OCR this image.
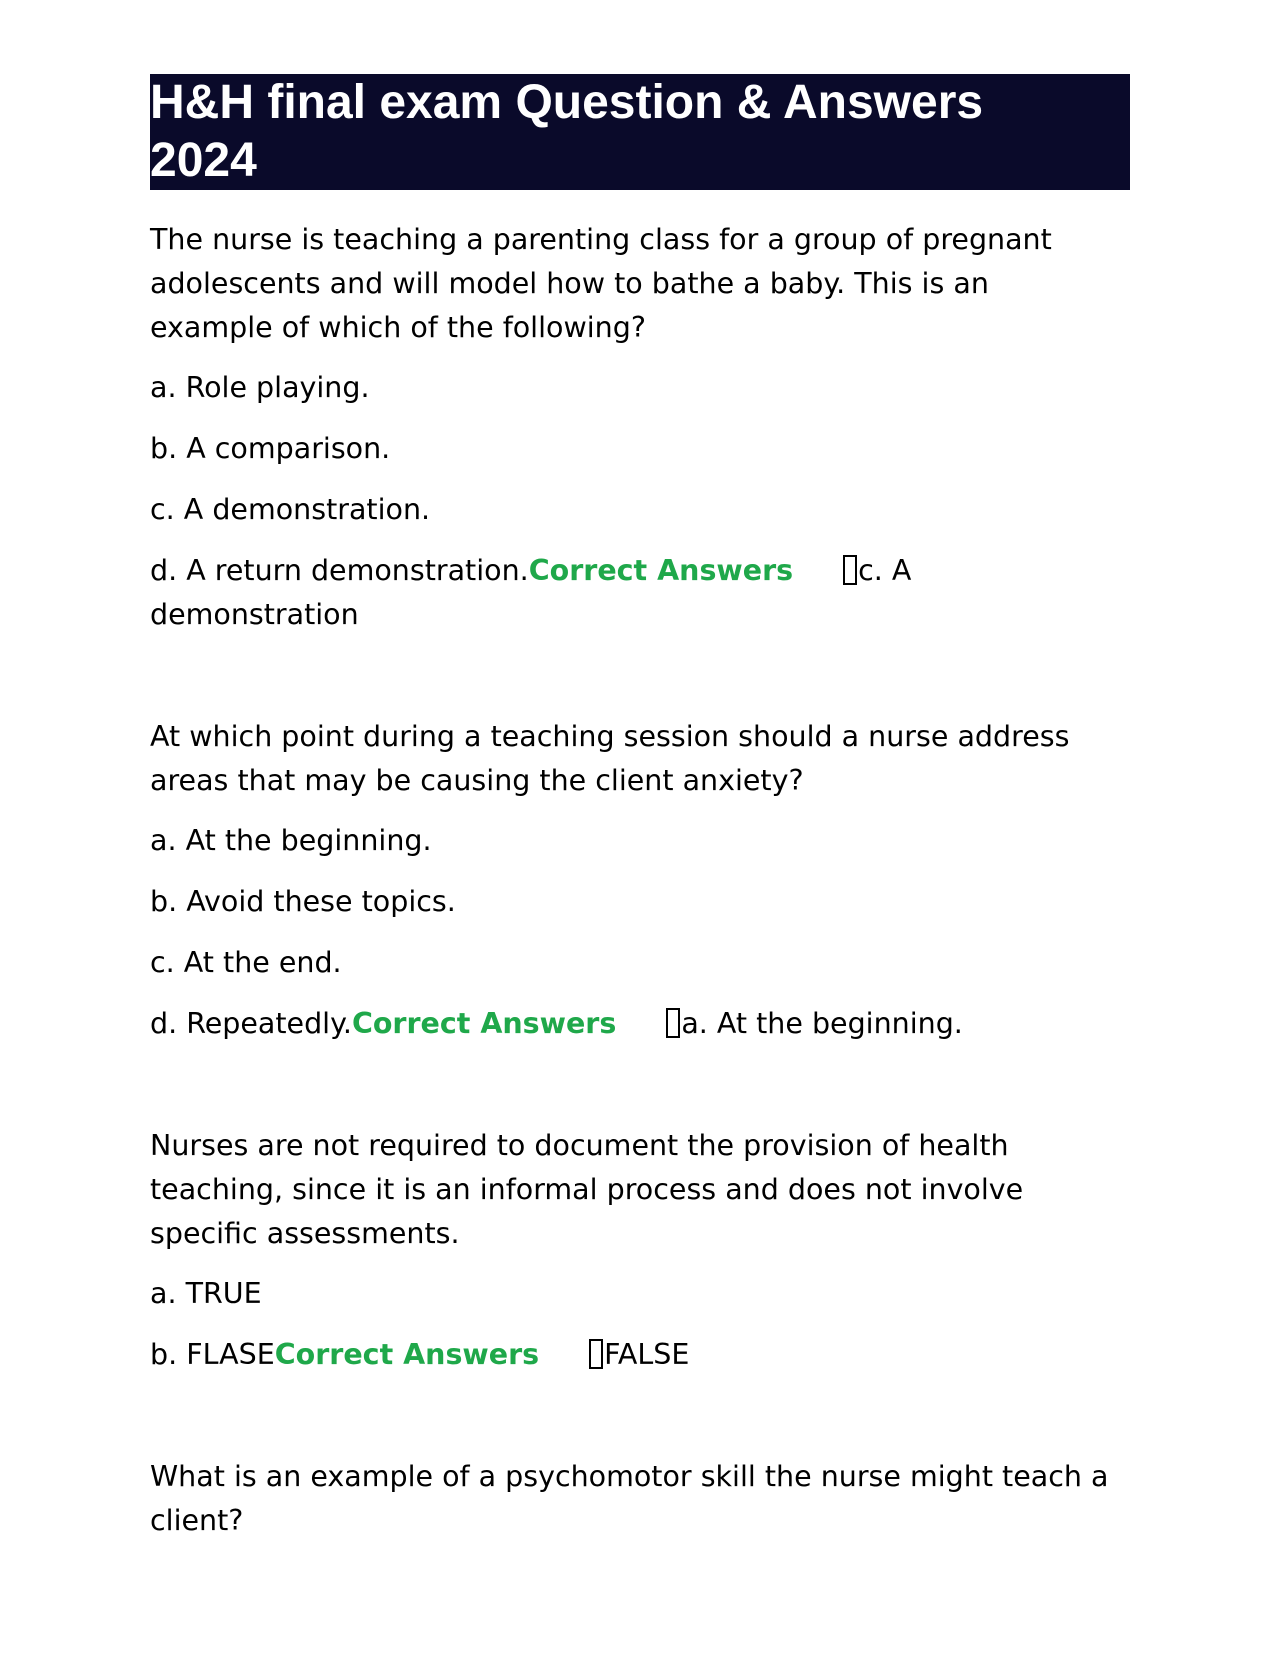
H&H final exam Question & Answers
2024

The nurse is teaching a parenting class for a group of pregnant adolescents and will model how to bathe a baby. This is an example of which of the following?

a. Role playing.
b. A comparison.
c. A demonstration.
d. A return demonstration.Correct Answers c. A demonstration

At which point during a teaching session should a nurse address areas that may be causing the client anxiety?

a. At the beginning.
b. Avoid these topics.
c. At the end.
d. Repeatedly.Correct Answers a. At the beginning.

Nurses are not required to document the provision of health teaching, since it is an informal process and does not involve specific assessments.

a. TRUE
b. FLASECorrect Answers FALSE

What is an example of a psychomotor skill the nurse might teach a client?
